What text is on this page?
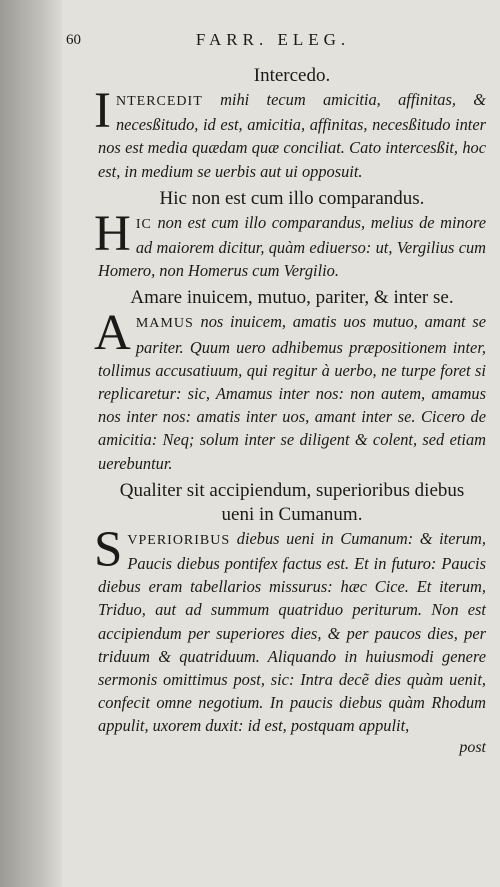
60	FARR. ELEG.

Intercedo.

I NTERCEDIT mihi tecum amicitia, affinitas, & necesßitudo, id est, amicitia, affinitas, necesßitudo inter nos est media quædam quæ conciliat. Cato intercesßit, hoc est, in medium se uerbis aut ui opposuit.

Hic non est cum illo comparandus.

H IC non est cum illo comparandus, melius de minore ad maiorem dicitur, quàm ediuerso: ut, Vergilius cum Homero, non Homerus cum Vergilio.

Amare inuicem, mutuo, pariter, & inter se.

A MAMUS nos inuicem, amatis uos mutuo, amant se pariter. Quum uero adhibemus præpositionem inter, tollimus accusatiuum, qui regitur à uerbo, ne turpe foret si replicaretur: sic, Amamus inter nos: non autem, amamus nos inter nos: amatis inter uos, amant inter se. Cicero de amicitia: Neq; solum inter se diligent & colent, sed etiam uerebuntur.

Qualiter sit accipiendum, superioribus diebus ueni in Cumanum.

S VPERIORIBUS diebus ueni in Cumanum: & iterum, Paucis diebus pontifex factus est. Et in futuro: Paucis diebus eram tabellarios missurus: hæc Cice. Et iterum, Triduo, aut ad summum quatriduo periturum. Non est accipiendum per superiores dies, & per paucos dies, per triduum & quatriduum. Aliquando in huiusmodi genere sermonis omittimus post, sic: Intra decẽ dies quàm uenit, confecit omne negotium. In paucis diebus quàm Rhodum appulit, uxorem duxit: id est, postquam appulit,

post
